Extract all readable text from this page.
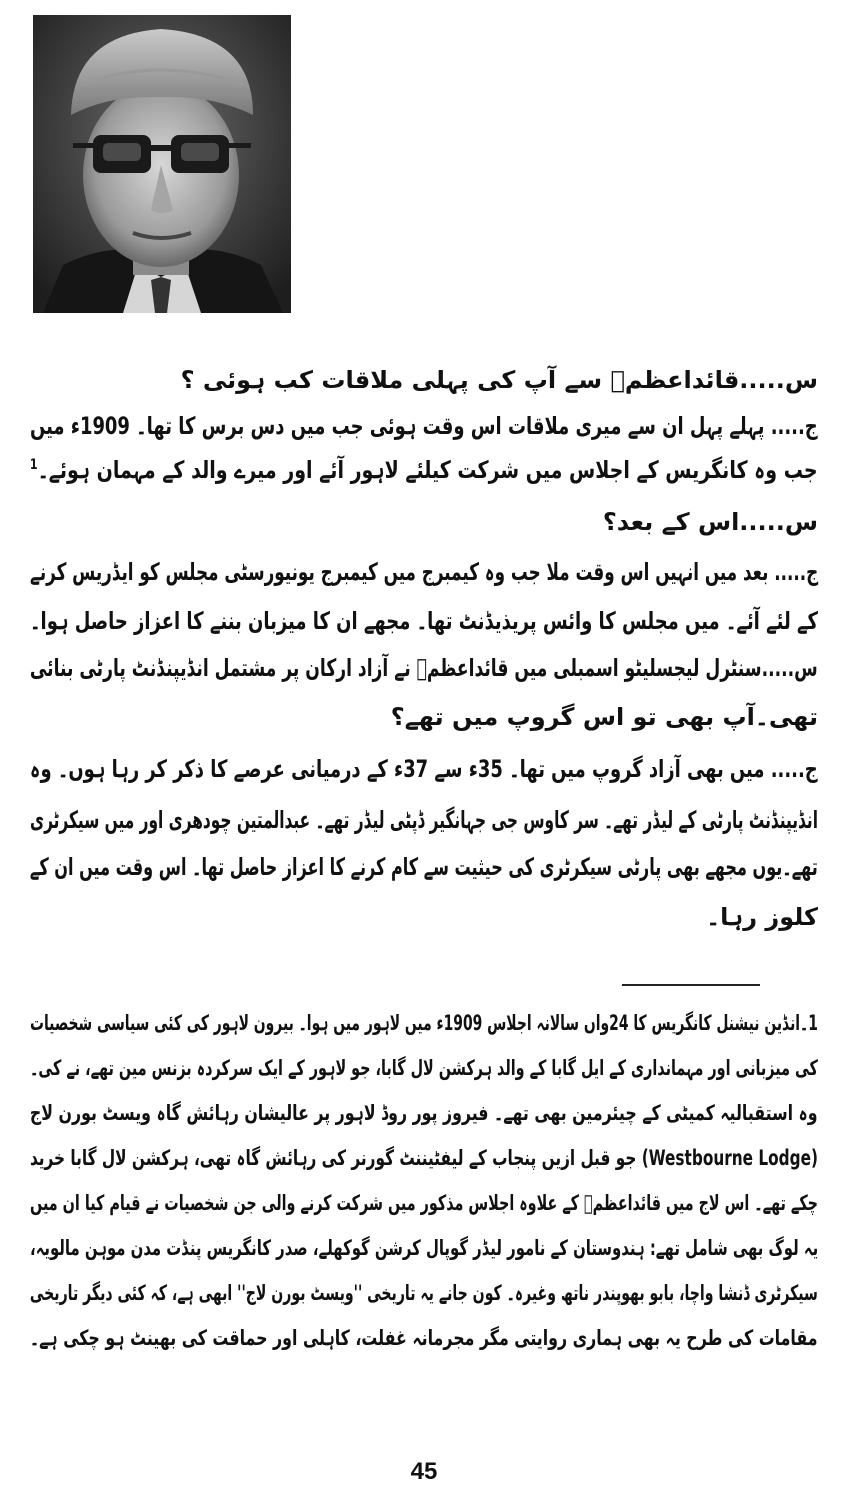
س.....قائداعظمؒ سے آپ کی پہلی ملاقات کب ہوئی ؟
ج..... پہلے پہل ان سے میری ملاقات اس وقت ہوئی جب میں دس برس کا تھا۔ 1909ء میں
جب وہ کانگریس کے اجلاس میں شرکت کیلئے لاہور آئے اور میرے والد کے مہمان ہوئے۔$^1$
س.....اس کے بعد؟
ج..... بعد میں انہیں اس وقت ملا جب وہ کیمبرج میں کیمبرج یونیورسٹی مجلس کو ایڈریس کرنے
کے لئے آئے۔ میں مجلس کا وائس پریذیڈنٹ تھا۔ مجھے ان کا میزبان بننے کا اعزاز حاصل ہوا۔
س.....سنٹرل لیجسلیٹو اسمبلی میں قائداعظمؒ نے آزاد ارکان پر مشتمل انڈیپنڈنٹ پارٹی بنائی
تھی۔آپ بھی تو اس گروپ میں تھے؟
ج..... میں بھی آزاد گروپ میں تھا۔ 35ء سے 37ء کے درمیانی عرصے کا ذکر کر رہا ہوں۔ وہ
انڈیپنڈنٹ پارٹی کے لیڈر تھے۔ سر کاوس جی جہانگیر ڈپٹی لیڈر تھے۔ عبدالمتین چودھری اور میں سیکرٹری
تھے۔یوں مجھے بھی پارٹی سیکرٹری کی حیثیت سے کام کرنے کا اعزاز حاصل تھا۔ اس وقت میں ان کے
کلوز رہا۔
1۔انڈین نیشنل کانگریس کا 24واں سالانہ اجلاس 1909ء میں لاہور میں ہوا۔ بیرون لاہور کی کئی سیاسی شخصیات
کی میزبانی اور مہمانداری کے ایل گابا کے والد ہرکشن لال گابا، جو لاہور کے ایک سرکردہ بزنس مین تھے، نے کی۔
وہ استقبالیہ کمیٹی کے چیئرمین بھی تھے۔ فیروز پور روڈ لاہور پر عالیشان رہائش گاہ ویسٹ بورن لاج
(Westbourne Lodge) جو قبل ازیں پنجاب کے لیفٹیننٹ گورنر کی رہائش گاہ تھی، ہرکشن لال گابا خرید
چکے تھے۔ اس لاج میں قائداعظمؒ کے علاوہ اجلاس مذکور میں شرکت کرنے والی جن شخصیات نے قیام کیا ان میں
یہ لوگ بھی شامل تھے: ہندوستان کے نامور لیڈر گوپال کرشن گوکھلے، صدر کانگریس پنڈت مدن موہن مالویہ،
سیکرٹری ڈنشا واچا، بابو بھوپندر ناتھ وغیرہ۔ کون جانے یہ تاریخی ''ویسٹ بورن لاج'' ابھی ہے، کہ کئی دیگر تاریخی
مقامات کی طرح یہ بھی ہماری روایتی مگر مجرمانہ غفلت، کاہلی اور حماقت کی بھینٹ ہو چکی ہے۔
45
